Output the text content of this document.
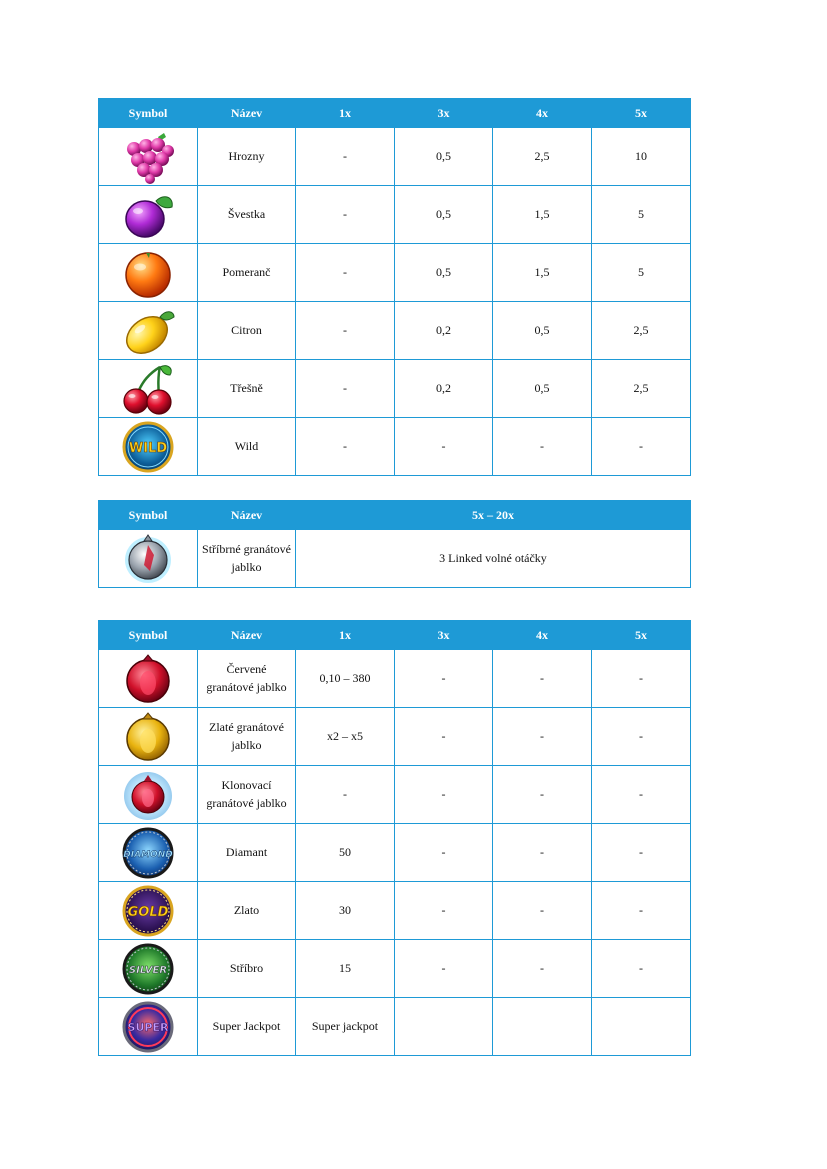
Symbol	Název	1x	3x	4x	5x

	Hrozny	-	0,5	2,5	10

	Švestka	-	0,5	1,5	5

	Pomeranč	-	0,5	1,5	5

	Citron	-	0,2	0,5	2,5

	Třešně	-	0,2	0,5	2,5

WILD	Wild	-	-	-	-
Symbol	Název	5x – 20x

	Stříbrné granátové jablko	3 Linked volné otáčky
Symbol	Název	1x	3x	4x	5x

	Červené granátové jablko	0,10 – 380	-	-	-

	Zlaté granátové jablko	x2 – x5	-	-	-

	Klonovací granátové jablko	-	-	-	-

DIAMOND	Diamant	50	-	-	-

GOLD	Zlato	30	-	-	-

SILVER	Stříbro	15	-	-	-

SUPER	Super Jackpot	Super jackpot			
